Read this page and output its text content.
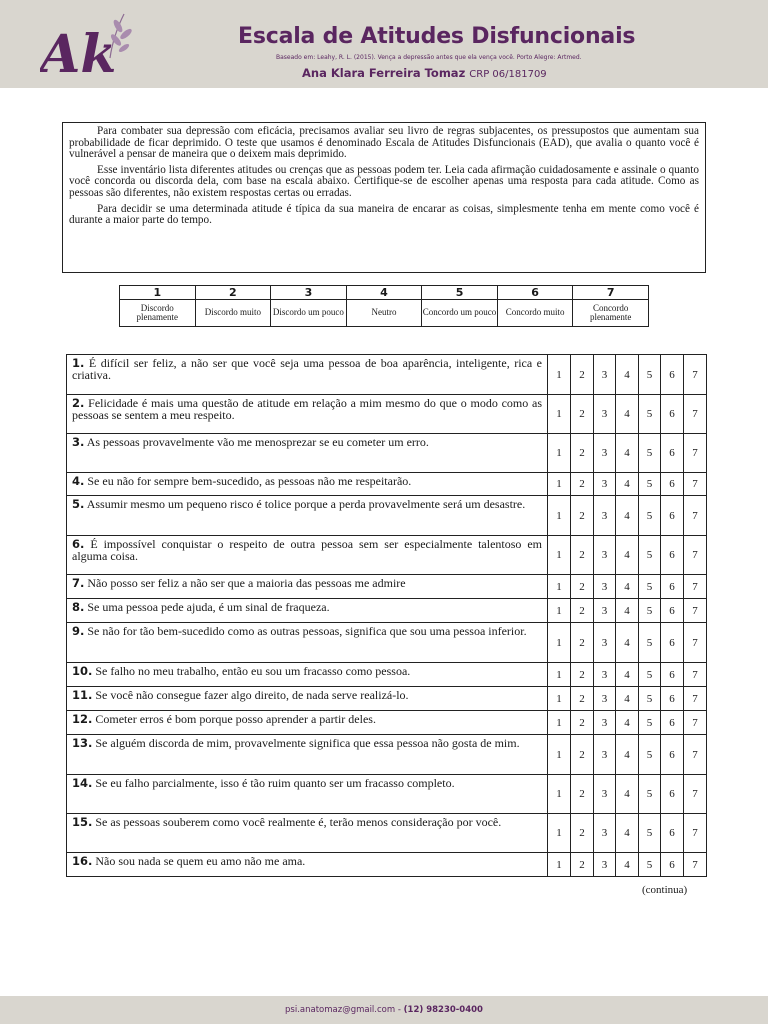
Ak	Escala de Atitudes Disfuncionais
Baseado em: Leahy, R. L. (2015). Vença a depressão antes que ela vença você. Porto Alegre: Artmed.
Ana Klara Ferreira Tomaz CRP 06/181709

Para combater sua depressão com eficácia, precisamos avaliar seu livro de regras subjacentes, os pressupostos que aumentam sua probabilidade de ficar deprimido. O teste que usamos é denominado Escala de Atitudes Disfuncionais (EAD), que avalia o quanto você é vulnerável a pensar de maneira que o deixem mais deprimido.

Esse inventário lista diferentes atitudes ou crenças que as pessoas podem ter. Leia cada afirmação cuidadosamente e assinale o quanto você concorda ou discorda dela, com base na escala abaixo. Certifique-se de escolher apenas uma resposta para cada atitude. Como as pessoas são diferentes, não existem respostas certas ou erradas.

Para decidir se uma determinada atitude é típica da sua maneira de encarar as coisas, simplesmente tenha em mente como você é durante a maior parte do tempo.

1	2	3	4	5	6	7
Discordo plenamente	Discordo muito	Discordo um pouco	Neutro	Concordo um pouco	Concordo muito	Concordo plenamente
1. É difícil ser feliz, a não ser que você seja uma pessoa de boa aparência, inteligente, rica e criativa.	1	2	3	4	5	6	7
2. Felicidade é mais uma questão de atitude em relação a mim mesmo do que o modo como as pessoas se sentem a meu respeito.	1	2	3	4	5	6	7
3. As pessoas provavelmente vão me menosprezar se eu cometer um erro.	1	2	3	4	5	6	7
4. Se eu não for sempre bem-sucedido, as pessoas não me respeitarão.	1	2	3	4	5	6	7
5. Assumir mesmo um pequeno risco é tolice porque a perda provavelmente será um desastre.	1	2	3	4	5	6	7
6. É impossível conquistar o respeito de outra pessoa sem ser especialmente talentoso em alguma coisa.	1	2	3	4	5	6	7
7. Não posso ser feliz a não ser que a maioria das pessoas me admire	1	2	3	4	5	6	7
8. Se uma pessoa pede ajuda, é um sinal de fraqueza.	1	2	3	4	5	6	7
9. Se não for tão bem-sucedido como as outras pessoas, significa que sou uma pessoa inferior.	1	2	3	4	5	6	7
10. Se falho no meu trabalho, então eu sou um fracasso como pessoa.	1	2	3	4	5	6	7
11. Se você não consegue fazer algo direito, de nada serve realizá-lo.	1	2	3	4	5	6	7
12. Cometer erros é bom porque posso aprender a partir deles.	1	2	3	4	5	6	7
13. Se alguém discorda de mim, provavelmente significa que essa pessoa não gosta de mim.	1	2	3	4	5	6	7
14. Se eu falho parcialmente, isso é tão ruim quanto ser um fracasso completo.	1	2	3	4	5	6	7
15. Se as pessoas souberem como você realmente é, terão menos consideração por você.	1	2	3	4	5	6	7
16. Não sou nada se quem eu amo não me ama.	1	2	3	4	5	6	7
(continua)
psi.anatomaz@gmail.com - (12) 98230-0400
